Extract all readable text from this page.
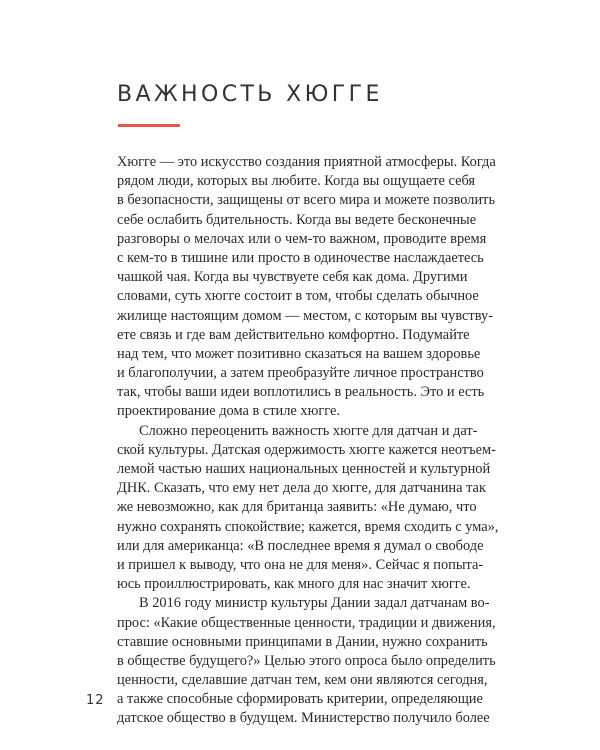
ВАЖНОСТЬ ХЮГГЕ
Хюгге — это искусство создания приятной атмосферы. Когда
рядом люди, которых вы любите. Когда вы ощущаете себя
в безопасности, защищены от всего мира и можете позволить
себе ослабить бдительность. Когда вы ведете бесконечные
разговоры о мелочах или о чем-то важном, проводите время
с кем-то в тишине или просто в одиночестве наслаждаетесь
чашкой чая. Когда вы чувствуете себя как дома. Другими
словами, суть хюгге состоит в том, чтобы сделать обычное
жилище настоящим домом — местом, с которым вы чувству-
ете связь и где вам действительно комфортно. Подумайте
над тем, что может позитивно сказаться на вашем здоровье
и благополучии, а затем преобразуйте личное пространство
так, чтобы ваши идеи воплотились в реальность. Это и есть
проектирование дома в стиле хюгге.
Сложно переоценить важность хюгге для датчан и дат-
ской культуры. Датская одержимость хюгге кажется неотъем-
лемой частью наших национальных ценностей и культурной
ДНК. Сказать, что ему нет дела до хюгге, для датчанина так
же невозможно, как для британца заявить: «Не думаю, что
нужно сохранять спокойствие; кажется, время сходить с ума»,
или для американца: «В последнее время я думал о свободе
и пришел к выводу, что она не для меня». Сейчас я попыта-
юсь проиллюстрировать, как много для нас значит хюгге.
В 2016 году министр культуры Дании задал датчанам во-
прос: «Какие общественные ценности, традиции и движения,
ставшие основными принципами в Дании, нужно сохранить
в обществе будущего?» Целью этого опроса было определить
ценности, сделавшие датчан тем, кем они являются сегодня,
а также способные сформировать критерии, определяющие
датское общество в будущем. Министерство получило более
12
